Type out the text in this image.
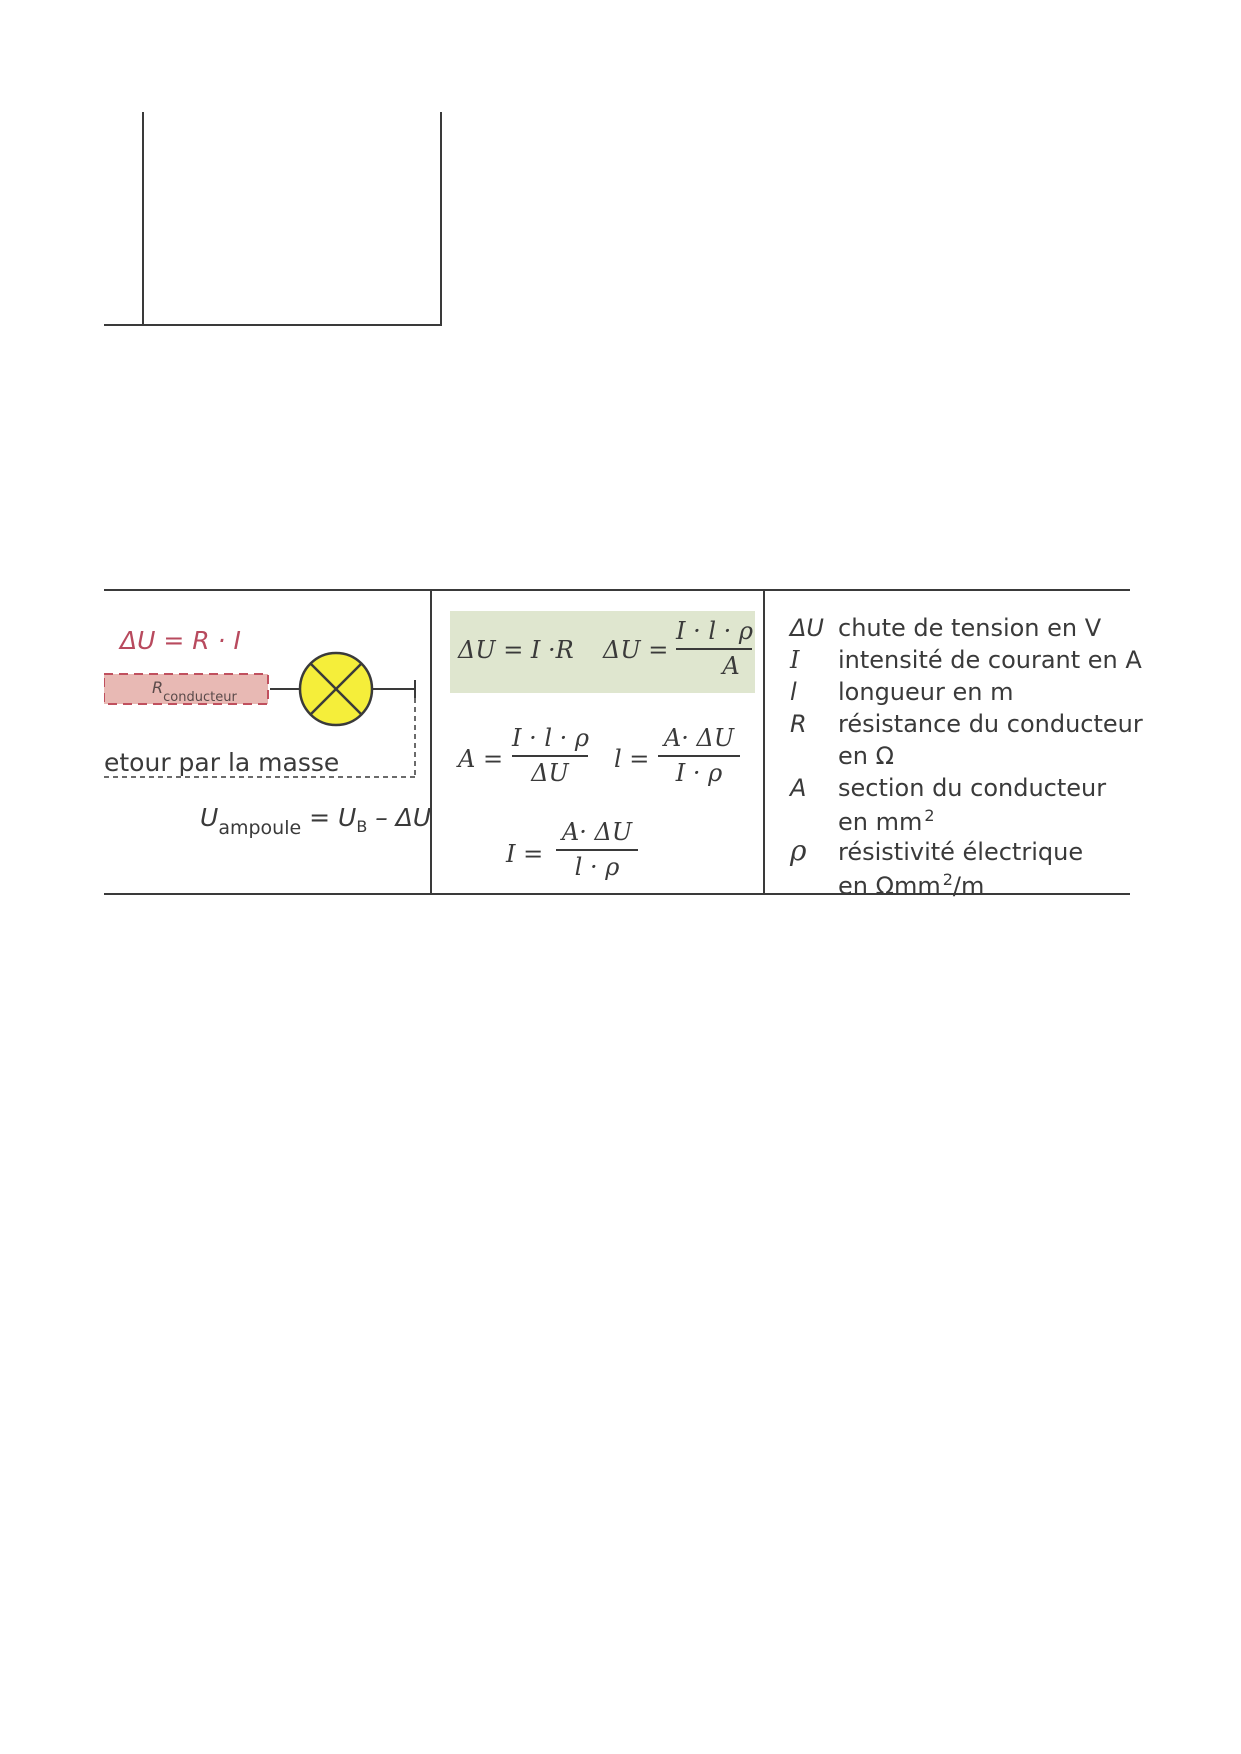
ΔU = R · I
$R_{conducteur}$
etour par la masse
$U_{ampoule} = U_B - \Delta U$
ΔU = I ·R ΔU =
I · l · ρ
A
A =
I · l · ρ
ΔU	l =
A· ΔU
I · ρ
I =
A· ΔU
l · ρ
ΔU chute de tension en V
I intensité de courant en A
l longueur en m
R résistance du conducteur
en Ω
A section du conducteur
en mm $^2$
ρ résistivité électrique
en Ωmm $^2$/m
